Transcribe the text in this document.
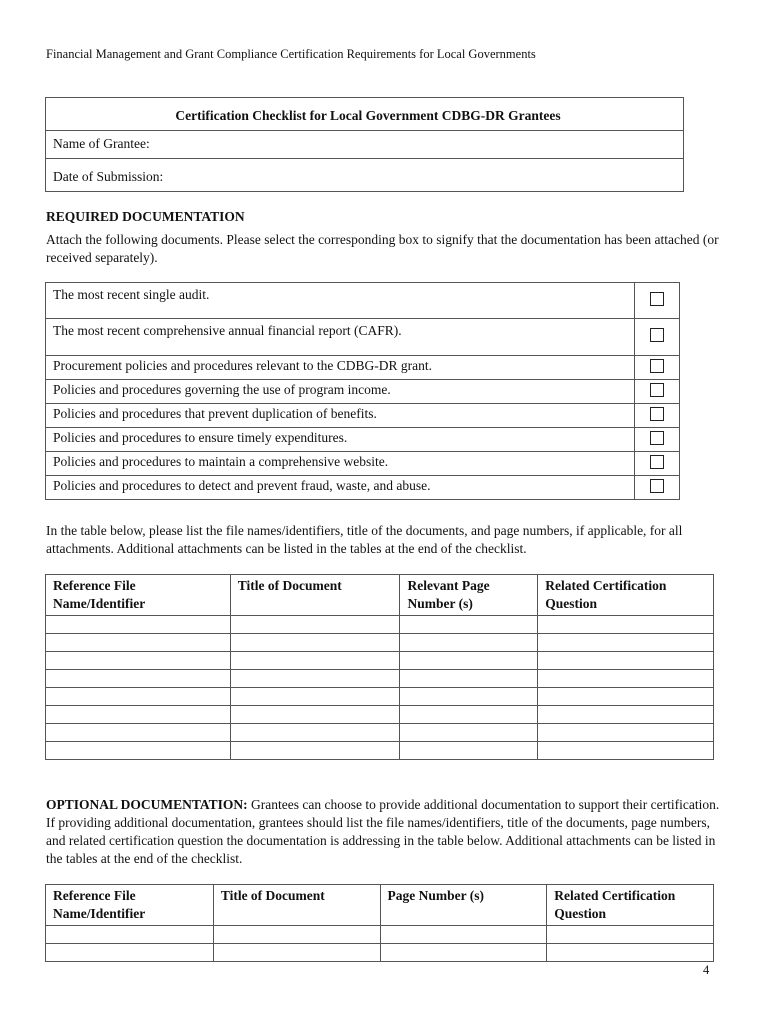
Financial Management and Grant Compliance Certification Requirements for Local Governments
Certification Checklist for Local Government CDBG-DR Grantees
Name of Grantee:
Date of Submission:
REQUIRED DOCUMENTATION
Attach the following documents. Please select the corresponding box to signify that the documentation has been attached (or received separately).
The most recent single audit.	
The most recent comprehensive annual financial report (CAFR).	
Procurement policies and procedures relevant to the CDBG-DR grant.	
Policies and procedures governing the use of program income.	
Policies and procedures that prevent duplication of benefits.	
Policies and procedures to ensure timely expenditures.	
Policies and procedures to maintain a comprehensive website.	
Policies and procedures to detect and prevent fraud, waste, and abuse.	
In the table below, please list the file names/identifiers, title of the documents, and page numbers, if applicable, for all attachments. Additional attachments can be listed in the tables at the end of the checklist.
Reference File Name/Identifier	Title of Document	Relevant Page Number (s)	Related Certification Question

OPTIONAL DOCUMENTATION: Grantees can choose to provide additional documentation to support their certification. If providing additional documentation, grantees should list the file names/identifiers, title of the documents, page numbers, and related certification question the documentation is addressing in the table below. Additional attachments can be listed in the tables at the end of the checklist.
Reference File Name/Identifier	Title of Document	Page Number (s)	Related Certification Question

4
